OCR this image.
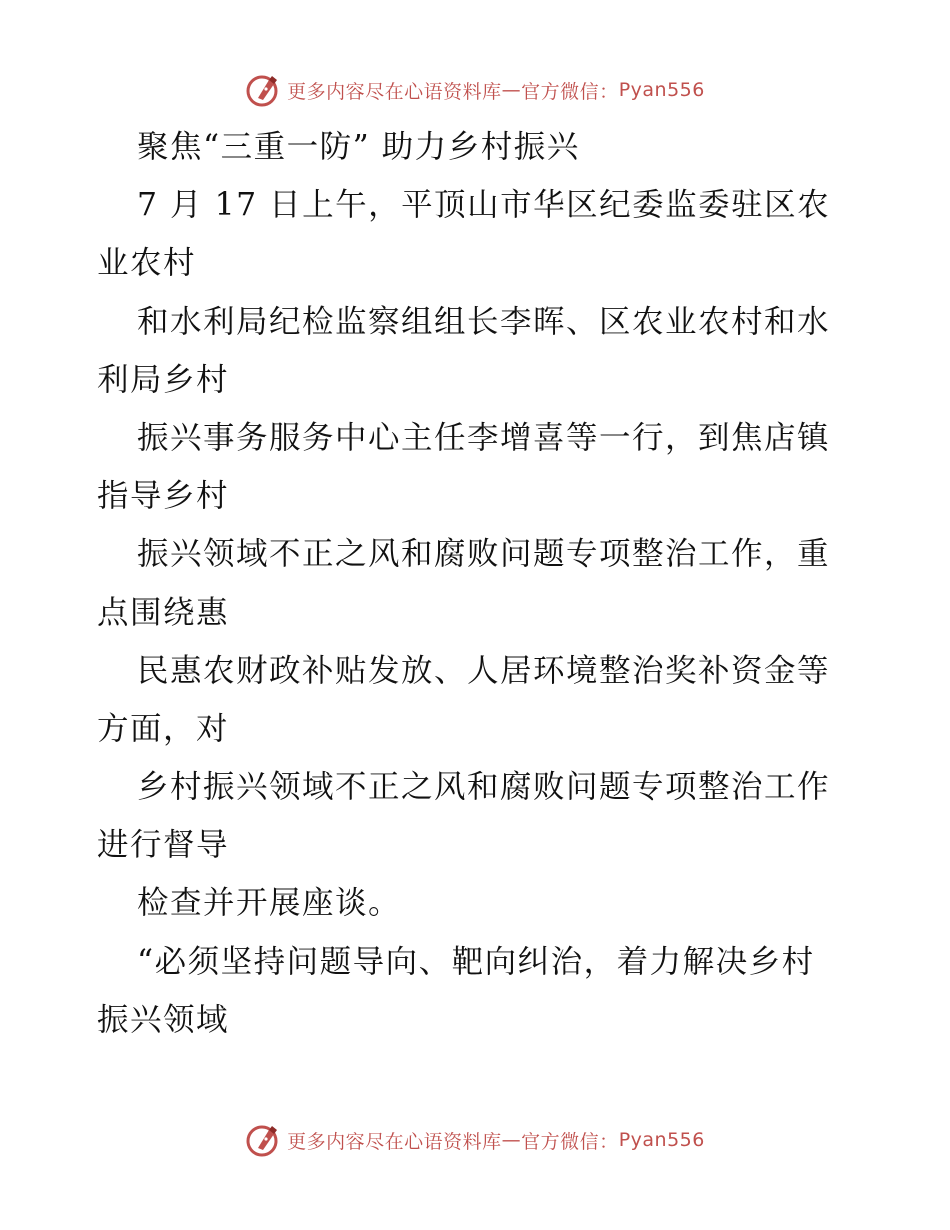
更多内容尽在心语资料库 — 官方微信： Pyan556
聚焦“三重一防” 助力乡村振兴
7 月 17 日上午，平顶山市华区纪委监委驻区农
业农村
和水利局纪检监察组组长李晖、区农业农村和水
利局乡村
振兴事务服务中心主任李增喜等一行，到焦店镇
指导乡村
振兴领域不正之风和腐败问题专项整治工作，重
点围绕惠
民惠农财政补贴发放、人居环境整治奖补资金等
方面，对
乡村振兴领域不正之风和腐败问题专项整治工作
进行督导
检查并开展座谈。
“必须坚持问题导向、靶向纠治，着力解决乡村
振兴领域
更多内容尽在心语资料库 — 官方微信： Pyan556
